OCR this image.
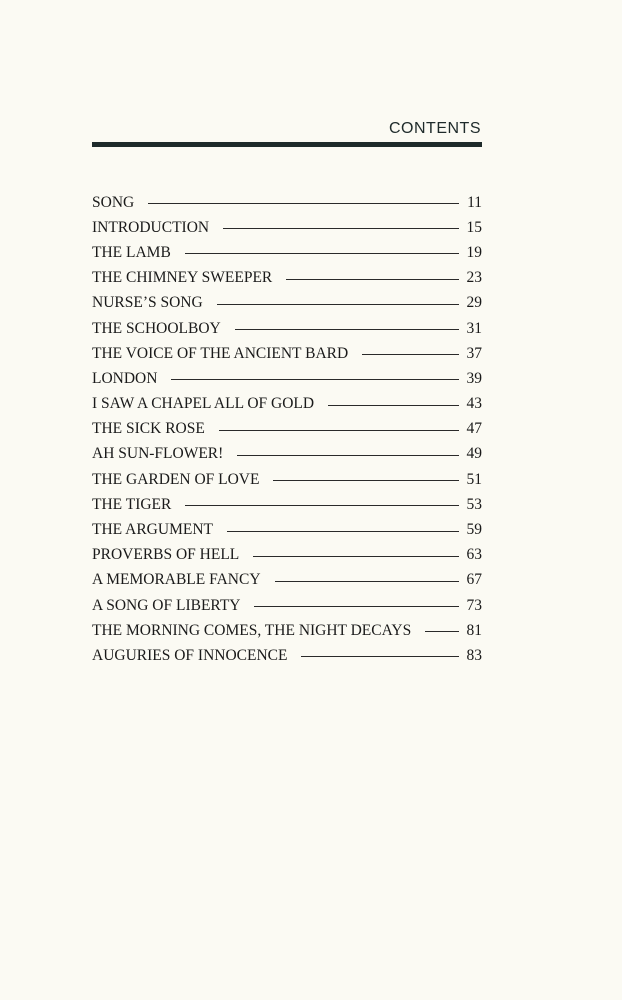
CONTENTS
SONG	11
INTRODUCTION	15
THE LAMB	19
THE CHIMNEY SWEEPER	23
NURSE’S SONG	29
THE SCHOOLBOY	31
THE VOICE OF THE ANCIENT BARD	37
LONDON	39
I SAW A CHAPEL ALL OF GOLD	43
THE SICK ROSE	47
AH SUN-FLOWER!	49
THE GARDEN OF LOVE	51
THE TIGER	53
THE ARGUMENT	59
PROVERBS OF HELL	63
A MEMORABLE FANCY	67
A SONG OF LIBERTY	73
THE MORNING COMES, THE NIGHT DECAYS	81
AUGURIES OF INNOCENCE	83
